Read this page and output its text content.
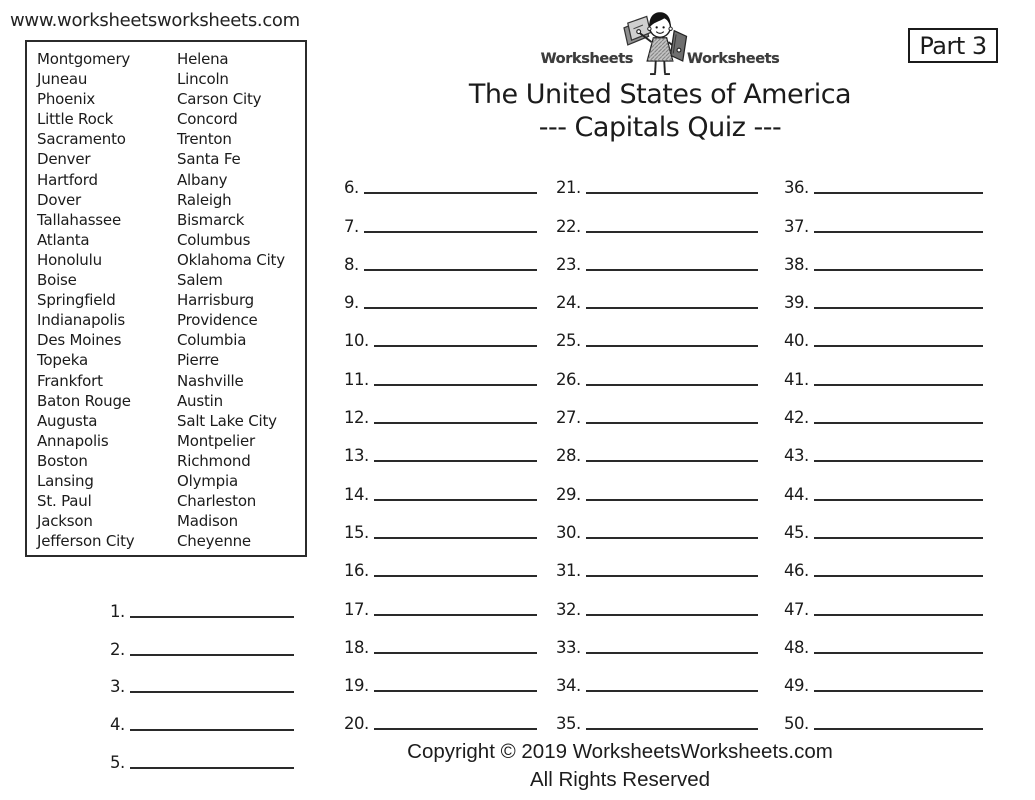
www.worksheetsworksheets.com
Montgomery
Juneau
Phoenix
Little Rock
Sacramento
Denver
Hartford
Dover
Tallahassee
Atlanta
Honolulu
Boise
Springfield
Indianapolis
Des Moines
Topeka
Frankfort
Baton Rouge
Augusta
Annapolis
Boston
Lansing
St. Paul
Jackson
Jefferson City
Helena
Lincoln
Carson City
Concord
Trenton
Santa Fe
Albany
Raleigh
Bismarck
Columbus
Oklahoma City
Salem
Harrisburg
Providence
Columbia
Pierre
Nashville
Austin
Salt Lake City
Montpelier
Richmond
Olympia
Charleston
Madison
Cheyenne
Worksheets	Worksheets	Part 3
The United States of America
--- Capitals Quiz ---
1.
2.
3.
4.
5.
6.
7.
8.
9.
10.
11.
12.
13.
14.
15.
16.
17.
18.
19.
20.
21.
22.
23.
24.
25.
26.
27.
28.
29.
30.
31.
32.
33.
34.
35.
36.
37.
38.
39.
40.
41.
42.
43.
44.
45.
46.
47.
48.
49.
50.
Copyright © 2019 WorksheetsWorksheets.com
All Rights Reserved
